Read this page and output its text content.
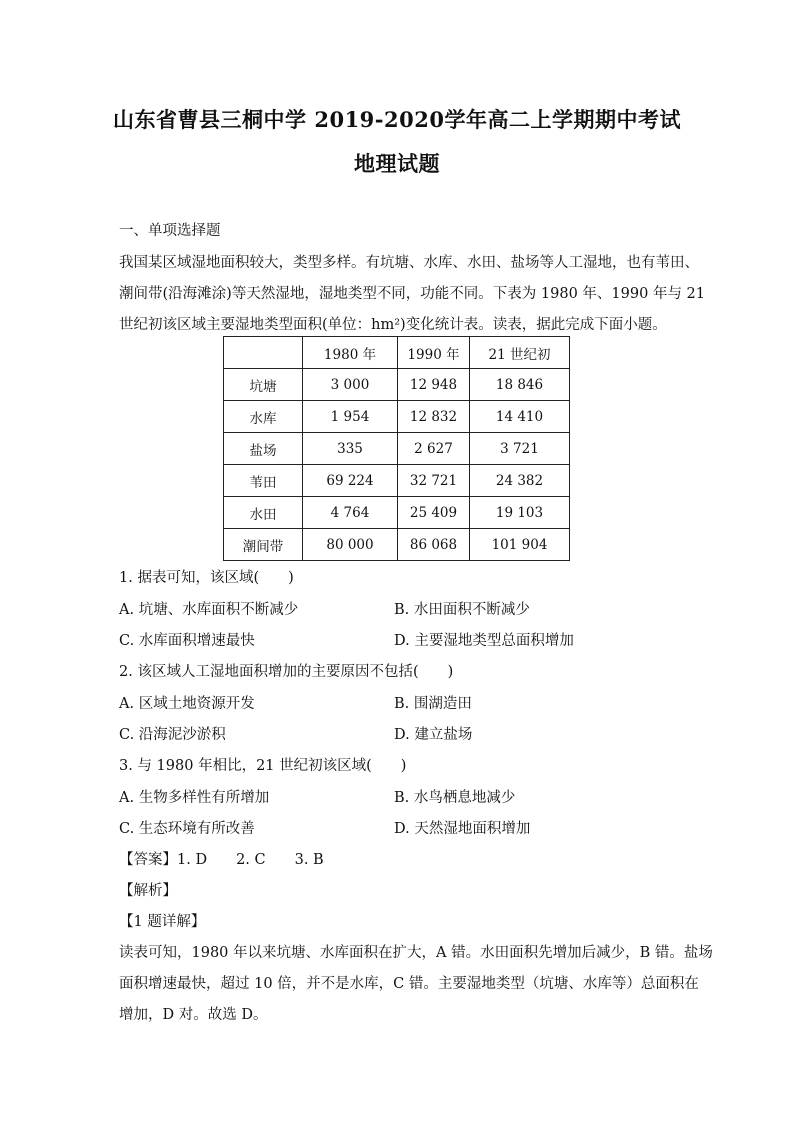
山东省曹县三桐中学 2019-2020学年高二上学期期中考试
地理试题
一、单项选择题
我国某区域湿地面积较大，类型多样。有坑塘、水库、水田、盐场等人工湿地，也有苇田、
潮间带(沿海滩涂)等天然湿地，湿地类型不同，功能不同。下表为 1980 年、1990 年与 21
世纪初该区域主要湿地类型面积(单位：hm²)变化统计表。读表，据此完成下面小题。
	1980 年	1990 年	21 世纪初
坑塘	3 000	12 948	18 846
水库	1 954	12 832	14 410
盐场	335	2 627	3 721
苇田	69 224	32 721	24 382
水田	4 764	25 409	19 103
潮间带	80 000	86 068	101 904
1. 据表可知，该区域(　　)
A. 坑塘、水库面积不断减少	B. 水田面积不断减少
C. 水库面积增速最快	D. 主要湿地类型总面积增加
2. 该区域人工湿地面积增加的主要原因不包括(　　)
A. 区域土地资源开发	B. 围湖造田
C. 沿海泥沙淤积	D. 建立盐场
3. 与 1980 年相比，21 世纪初该区域(　　)
A. 生物多样性有所增加	B. 水鸟栖息地减少
C. 生态环境有所改善	D. 天然湿地面积增加
【答案】1. D　　2. C　　3. B
【解析】
【1 题详解】
读表可知，1980 年以来坑塘、水库面积在扩大，A 错。水田面积先增加后减少，B 错。盐场
面积增速最快，超过 10 倍，并不是水库，C 错。主要湿地类型（坑塘、水库等）总面积在
增加，D 对。故选 D。
